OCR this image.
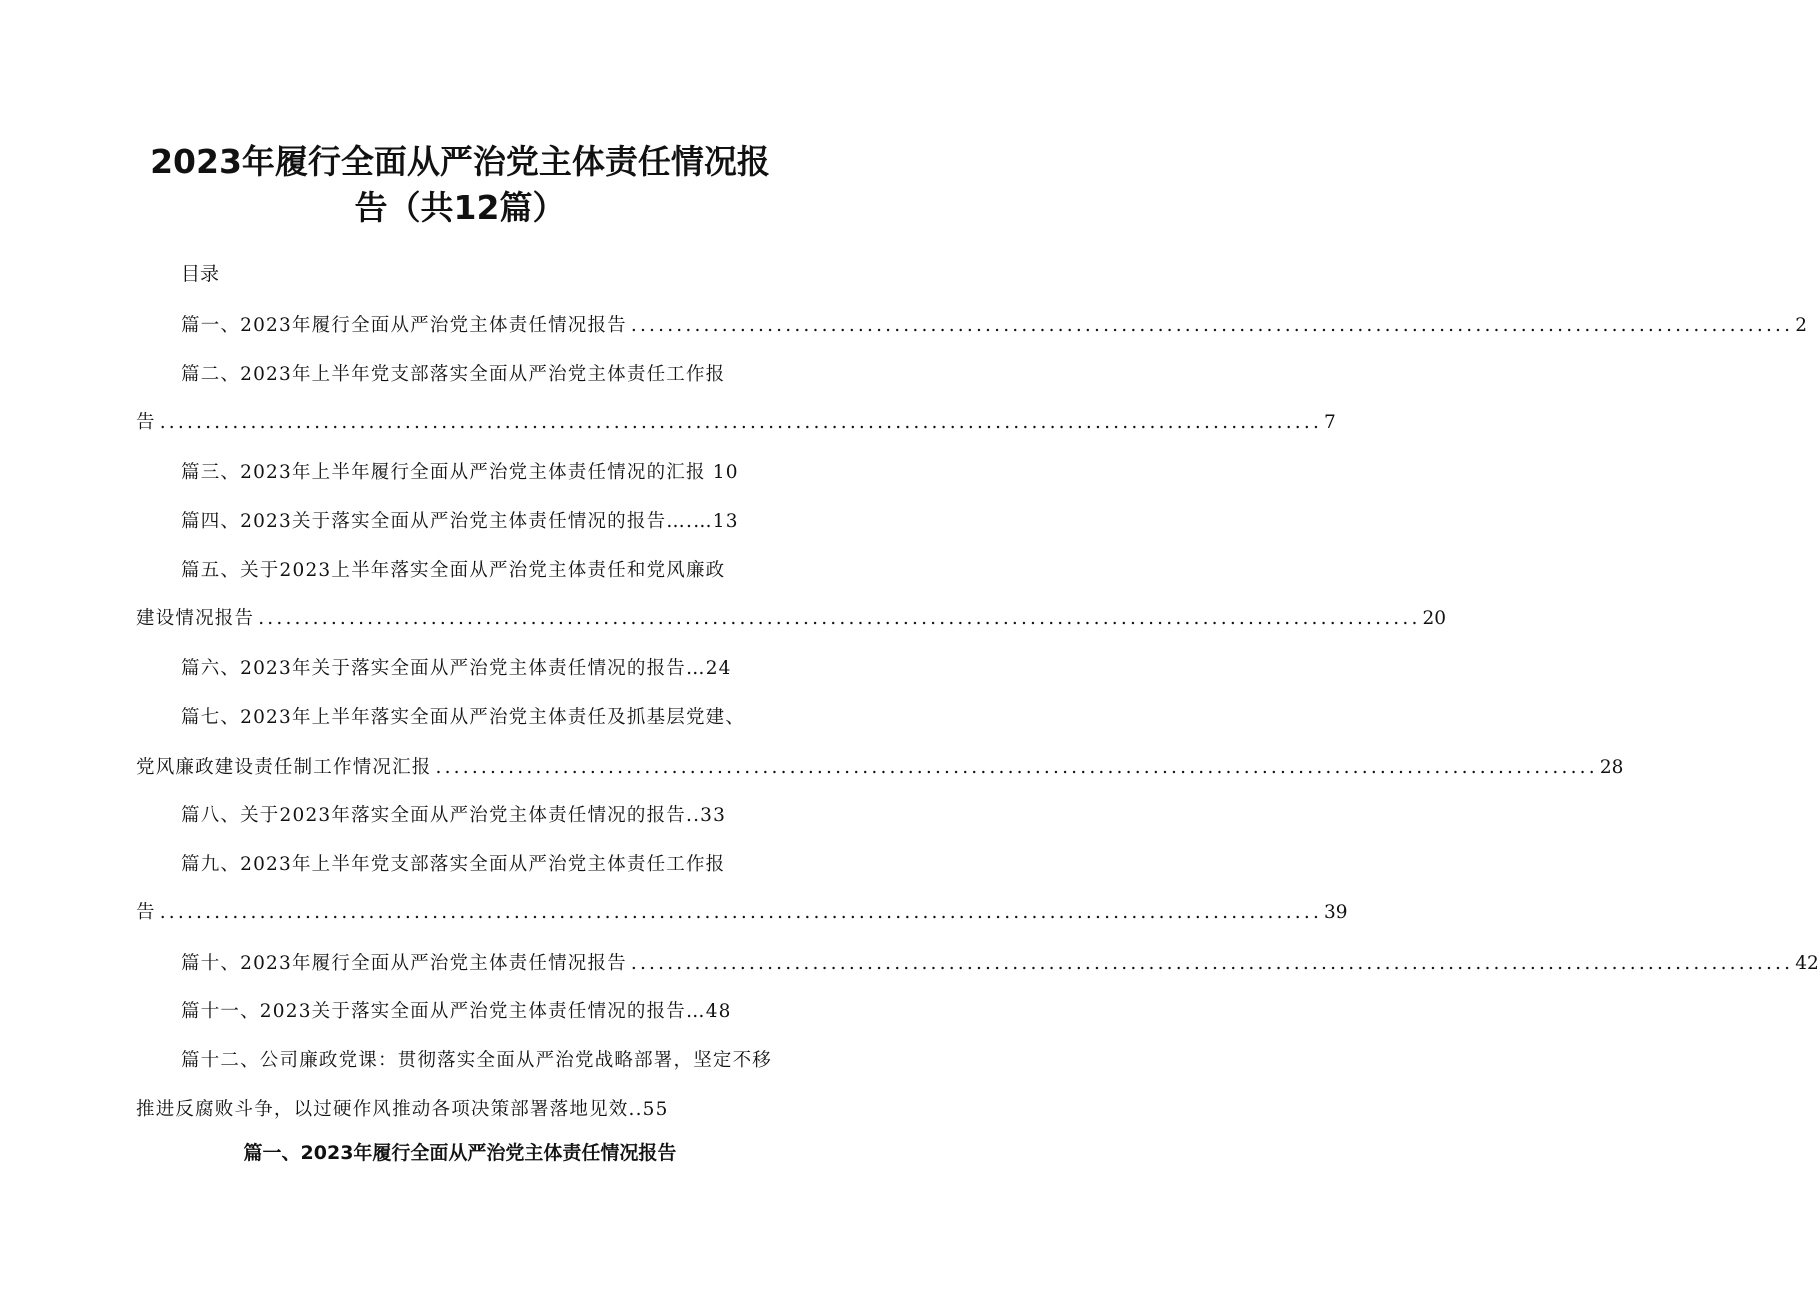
2023年履行全面从严治党主体责任情况报
告（共12篇）
目录
篇一、2023年履行全面从严治党主体责任情况报告 ................................................................................................................................ 2
篇二、2023年上半年党支部落实全面从严治党主体责任工作报
告 ................................................................................................................................ 7
篇三、2023年上半年履行全面从严治党主体责任情况的汇报 10
篇四、2023关于落实全面从严治党主体责任情况的报告….…13
篇五、关于2023上半年落实全面从严治党主体责任和党风廉政
建设情况报告 ................................................................................................................................ 20
篇六、2023年关于落实全面从严治党主体责任情况的报告…24
篇七、2023年上半年落实全面从严治党主体责任及抓基层党建、
党风廉政建设责任制工作情况汇报 ................................................................................................................................ 28
篇八、关于2023年落实全面从严治党主体责任情况的报告..33
篇九、2023年上半年党支部落实全面从严治党主体责任工作报
告 ................................................................................................................................ 39
篇十、2023年履行全面从严治党主体责任情况报告 ................................................................................................................................ 42
篇十一、2023关于落实全面从严治党主体责任情况的报告…48
篇十二、公司廉政党课：贯彻落实全面从严治党战略部署，坚定不移
推进反腐败斗争，以过硬作风推动各项决策部署落地见效..55
篇一、2023年履行全面从严治党主体责任情况报告
